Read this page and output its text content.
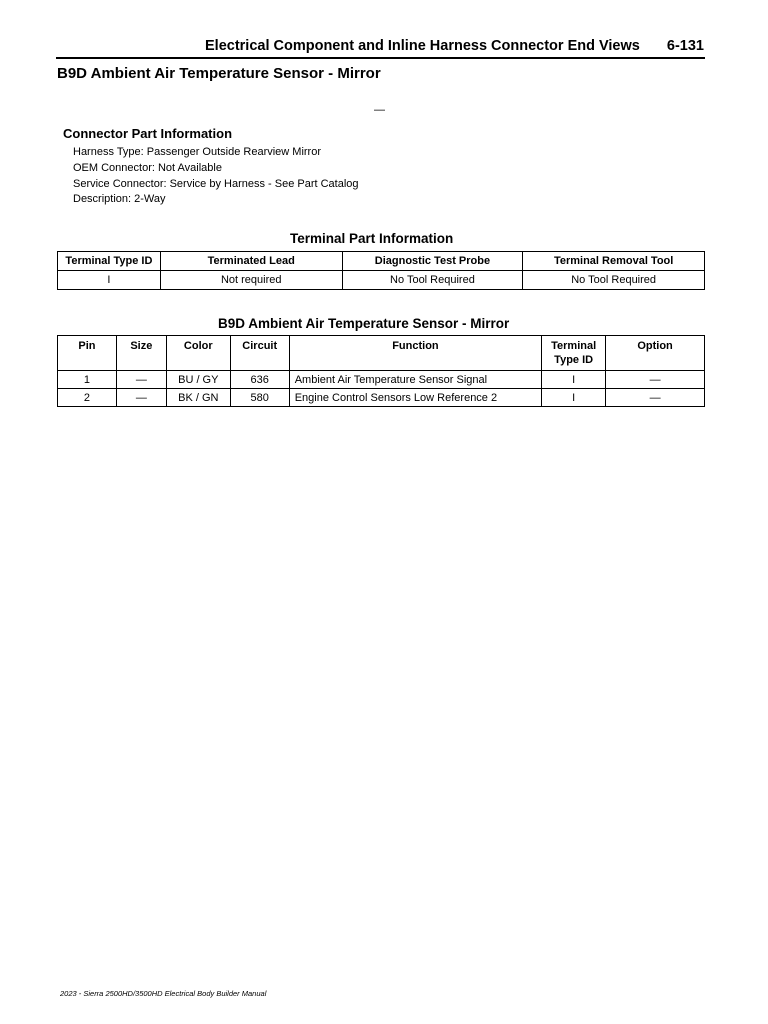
Electrical Component and Inline Harness Connector End Views 6-131
B9D Ambient Air Temperature Sensor - Mirror
—
Connector Part Information
Harness Type: Passenger Outside Rearview Mirror
OEM Connector: Not Available
Service Connector: Service by Harness - See Part Catalog
Description: 2-Way
Terminal Part Information
Terminal Type ID	Terminated Lead	Diagnostic Test Probe	Terminal Removal Tool
I	Not required	No Tool Required	No Tool Required
B9D Ambient Air Temperature Sensor - Mirror
Pin	Size	Color	Circuit	Function	Terminal Type ID	Option
1	—	BU / GY	636	Ambient Air Temperature Sensor Signal	I	—
2	—	BK / GN	580	Engine Control Sensors Low Reference 2	I	—
2023 - Sierra 2500HD/3500HD Electrical Body Builder Manual
